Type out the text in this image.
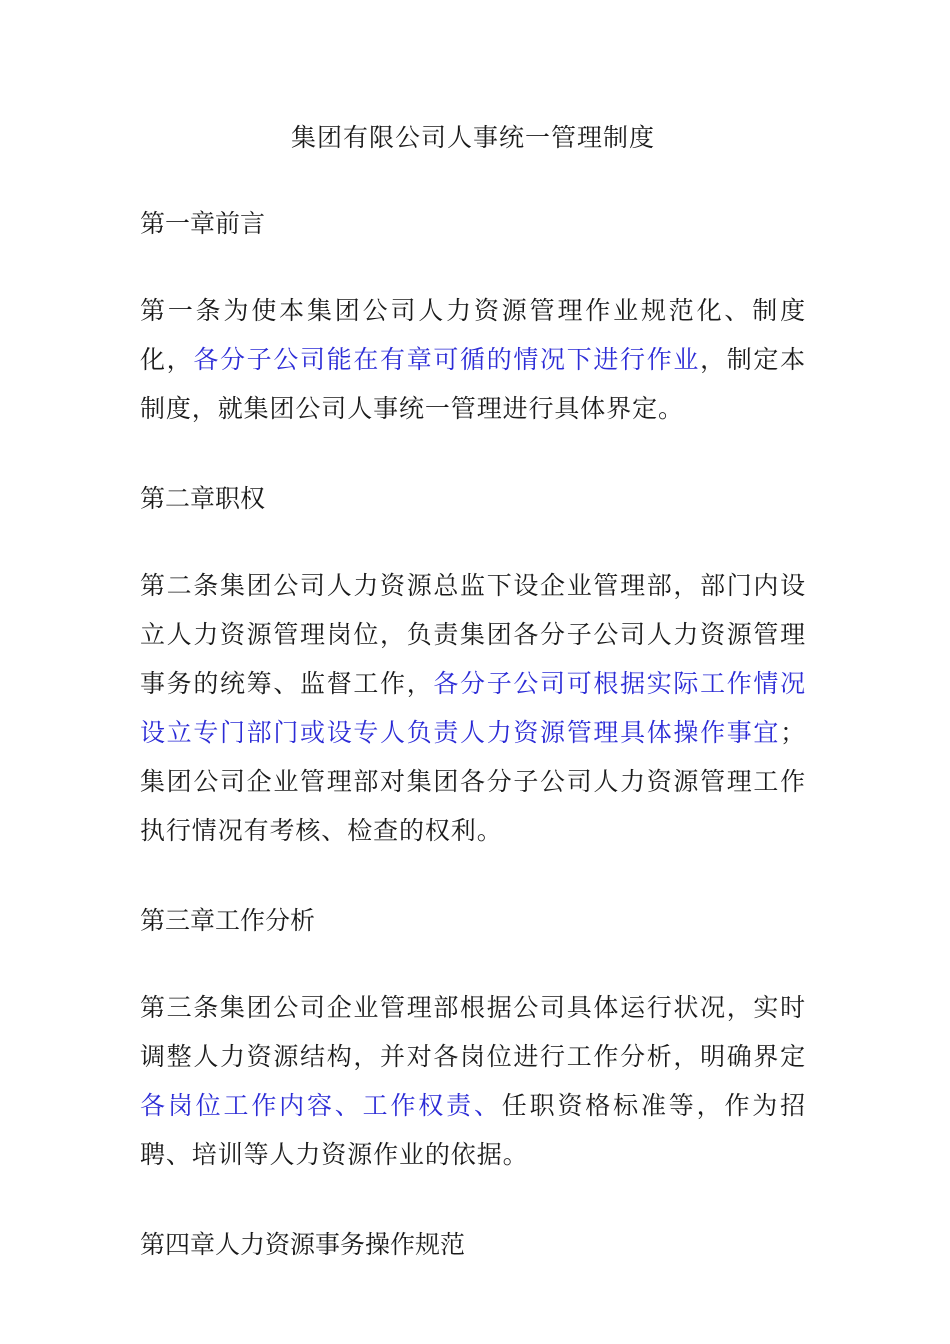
集团有限公司人事统一管理制度
第一章前言

第一条为使本集团公司人力资源管理作业规范化、制度化，各分子公司能在有章可循的情况下进行作业，制定本制度，就集团公司人事统一管理进行具体界定。

第二章职权

第二条集团公司人力资源总监下设企业管理部，部门内设立人力资源管理岗位，负责集团各分子公司人力资源管理事务的统筹、监督工作，各分子公司可根据实际工作情况设立专门部门或设专人负责人力资源管理具体操作事宜；集团公司企业管理部对集团各分子公司人力资源管理工作执行情况有考核、检查的权利。

第三章工作分析

第三条集团公司企业管理部根据公司具体运行状况，实时调整人力资源结构，并对各岗位进行工作分析，明确界定各岗位工作内容、工作权责、任职资格标准等，作为招聘、培训等人力资源作业的依据。

第四章人力资源事务操作规范
